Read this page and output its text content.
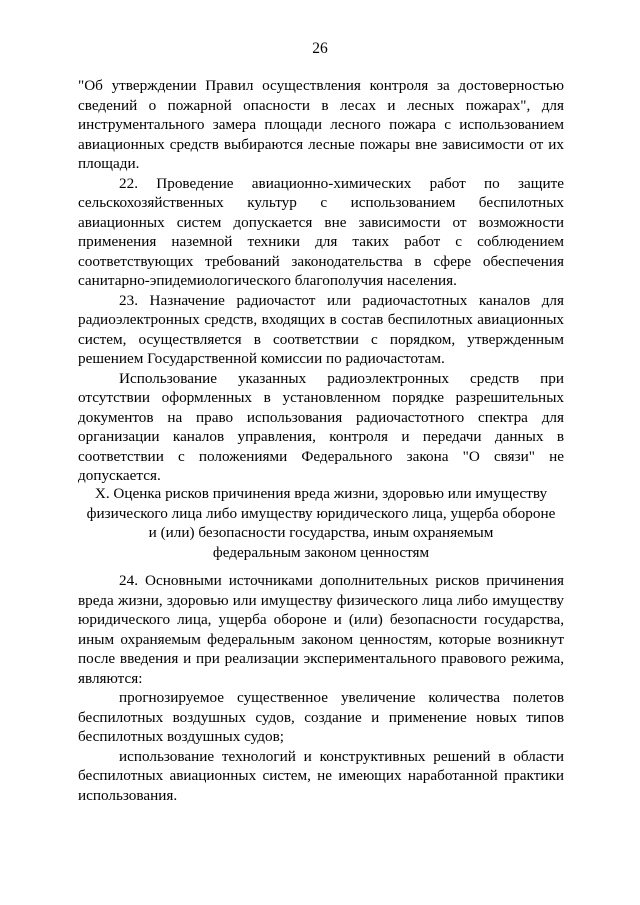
26

"Об утверждении Правил осуществления контроля за достоверностью сведений о пожарной опасности в лесах и лесных пожарах", для инструментального замера площади лесного пожара с использованием авиационных средств выбираются лесные пожары вне зависимости от их площади.

22. Проведение авиационно-химических работ по защите сельскохозяйственных культур с использованием беспилотных авиационных систем допускается вне зависимости от возможности применения наземной техники для таких работ с соблюдением соответствующих требований законодательства в сфере обеспечения санитарно-эпидемиологического благополучия населения.

23. Назначение радиочастот или радиочастотных каналов для радиоэлектронных средств, входящих в состав беспилотных авиационных систем, осуществляется в соответствии с порядком, утвержденным решением Государственной комиссии по радиочастотам.

Использование указанных радиоэлектронных средств при отсутствии оформленных в установленном порядке разрешительных документов на право использования радиочастотного спектра для организации каналов управления, контроля и передачи данных в соответствии с положениями Федерального закона "О связи" не допускается.

X. Оценка рисков причинения вреда жизни, здоровью или имуществу
физического лица либо имуществу юридического лица, ущерба обороне
и (или) безопасности государства, иным охраняемым
федеральным законом ценностям

24. Основными источниками дополнительных рисков причинения вреда жизни, здоровью или имуществу физического лица либо имуществу юридического лица, ущерба обороне и (или) безопасности государства, иным охраняемым федеральным законом ценностям, которые возникнут после введения и при реализации экспериментального правового режима, являются:

прогнозируемое существенное увеличение количества полетов беспилотных воздушных судов, создание и применение новых типов беспилотных воздушных судов;

использование технологий и конструктивных решений в области беспилотных авиационных систем, не имеющих наработанной практики использования.
